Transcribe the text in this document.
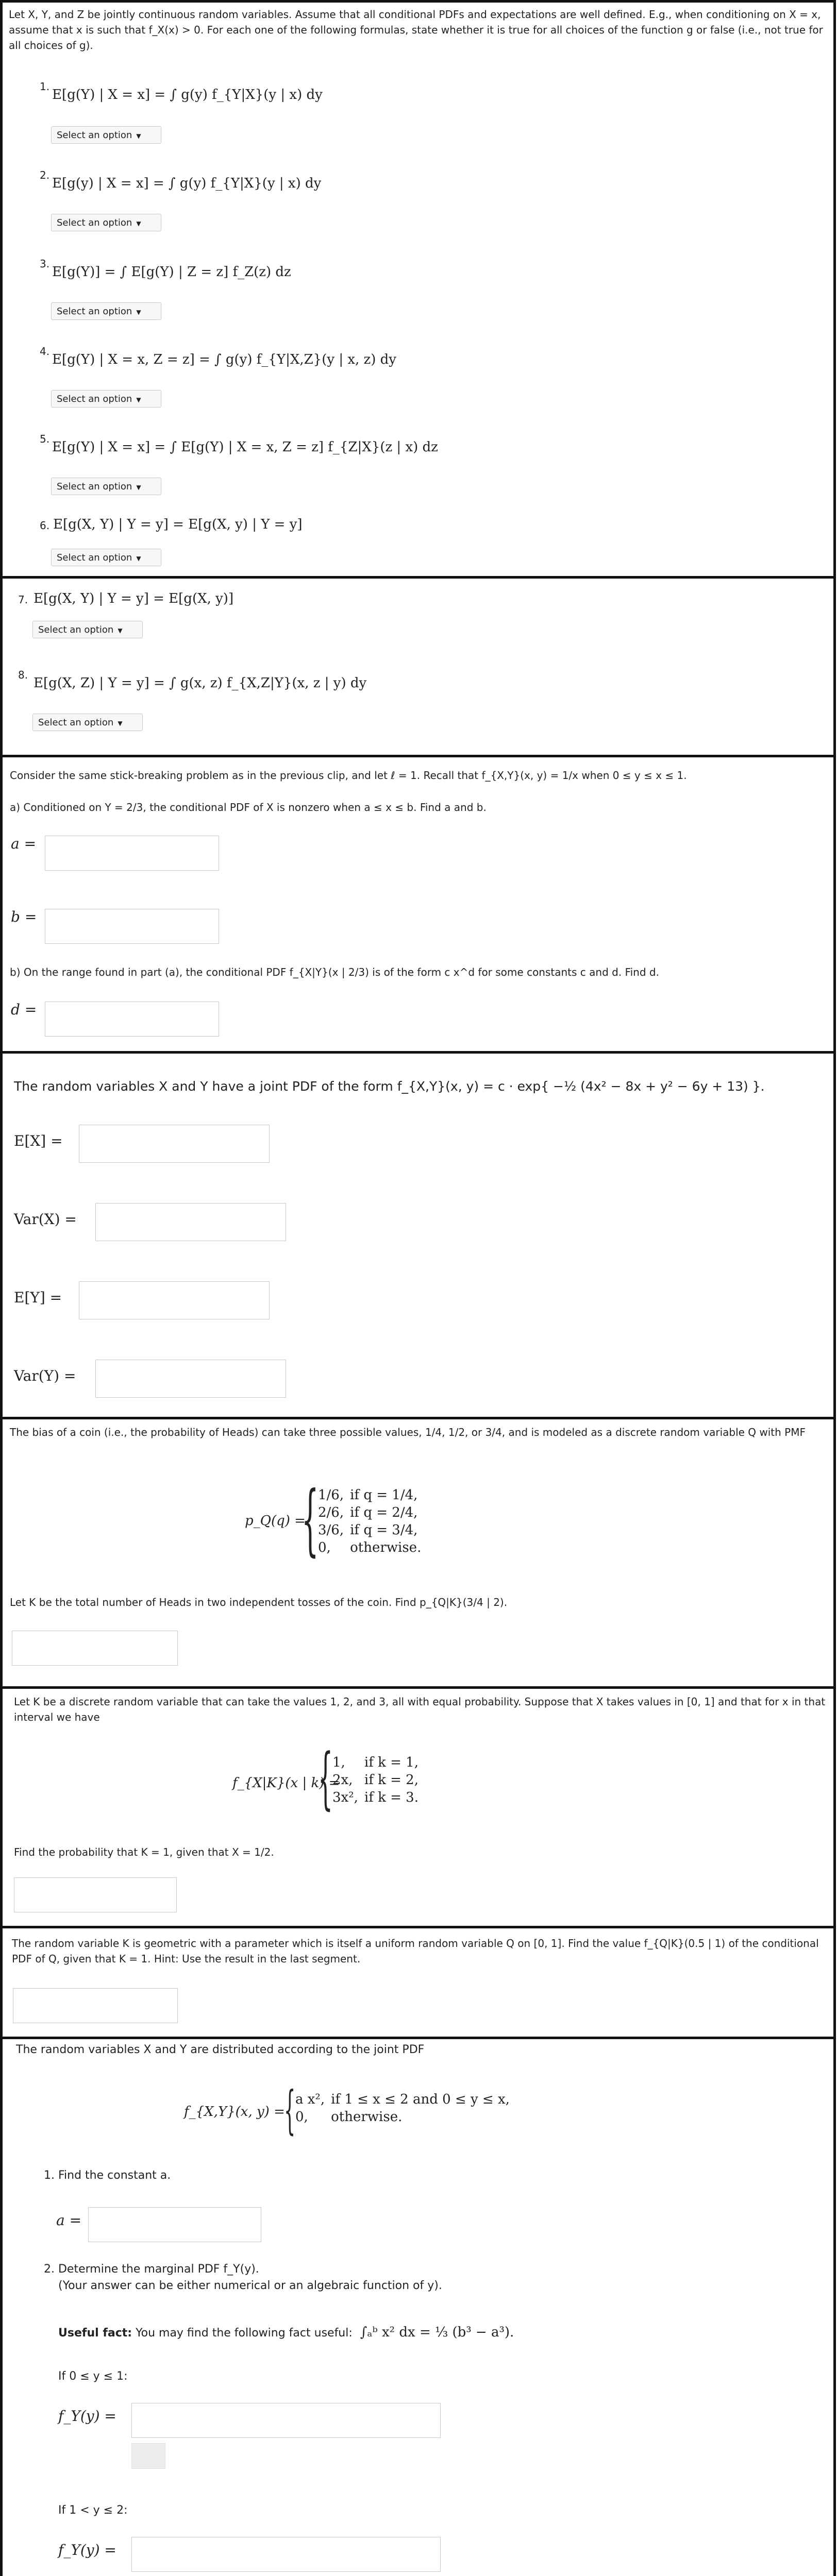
Let X, Y, and Z be jointly continuous random variables. Assume that all conditional PDFs and expectations are well defined. E.g., when conditioning on X = x, assume that x is such that f_X(x) > 0. For each one of the following formulas, state whether it is true for all choices of the function g or false (i.e., not true for all choices of g).
1.
E[g(Y) | X = x] = ∫ g(y) f_{Y|X}(y | x) dy
Select an option ▼
2.
E[g(y) | X = x] = ∫ g(y) f_{Y|X}(y | x) dy
Select an option ▼
3.
E[g(Y)] = ∫ E[g(Y) | Z = z] f_Z(z) dz
Select an option ▼
4.
E[g(Y) | X = x, Z = z] = ∫ g(y) f_{Y|X,Z}(y | x, z) dy
Select an option ▼
5.
E[g(Y) | X = x] = ∫ E[g(Y) | X = x, Z = z] f_{Z|X}(z | x) dz
Select an option ▼
6. E[g(X, Y) | Y = y] = E[g(X, y) | Y = y]
Select an option ▼
7. E[g(X, Y) | Y = y] = E[g(X, y)]
Select an option ▼
8.
E[g(X, Z) | Y = y] = ∫ g(x, z) f_{X,Z|Y}(x, z | y) dy
Select an option ▼
Consider the same stick-breaking problem as in the previous clip, and let ℓ = 1. Recall that f_{X,Y}(x, y) = 1/x when 0 ≤ y ≤ x ≤ 1.
a) Conditioned on Y = 2/3, the conditional PDF of X is nonzero when a ≤ x ≤ b. Find a and b.
a =
b =
b) On the range found in part (a), the conditional PDF f_{X|Y}(x | 2/3) is of the form c x^d for some constants c and d. Find d.
d =
The random variables X and Y have a joint PDF of the form f_{X,Y}(x, y) = c · exp{ −½ (4x² − 8x + y² − 6y + 13) }.
E[X] =
Var(X) =
E[Y] =
Var(Y) =
The bias of a coin (i.e., the probability of Heads) can take three possible values, 1/4, 1/2, or 3/4, and is modeled as a discrete random variable Q with PMF
p_Q(q) =
{
1/6,	if q = 1/4,
2/6,	if q = 2/4,
3/6,	if q = 3/4,
0,	otherwise.
Let K be the total number of Heads in two independent tosses of the coin. Find p_{Q|K}(3/4 | 2).
Let K be a discrete random variable that can take the values 1, 2, and 3, all with equal probability. Suppose that X takes values in [0, 1] and that for x in that interval we have
f_{X|K}(x | k) =
{ 1,	if k = 1,
2x,	if k = 2,
3x²,	if k = 3.
Find the probability that K = 1, given that X = 1/2.
The random variable K is geometric with a parameter which is itself a uniform random variable Q on [0, 1]. Find the value f_{Q|K}(0.5 | 1) of the conditional PDF of Q, given that K = 1. Hint: Use the result in the last segment.
The random variables X and Y are distributed according to the joint PDF
f_{X,Y}(x, y) =
{ a x²,	if 1 ≤ x ≤ 2 and 0 ≤ y ≤ x,
0,	otherwise.
1. Find the constant a.
a =
2. Determine the marginal PDF f_Y(y).
(Your answer can be either numerical or an algebraic function of y).
Useful fact: You may find the following fact useful: ∫ₐᵇ x² dx = ⅓ (b³ − a³).
If 0 ≤ y ≤ 1:
f_Y(y) =
If 1 < y ≤ 2:
f_Y(y) =
